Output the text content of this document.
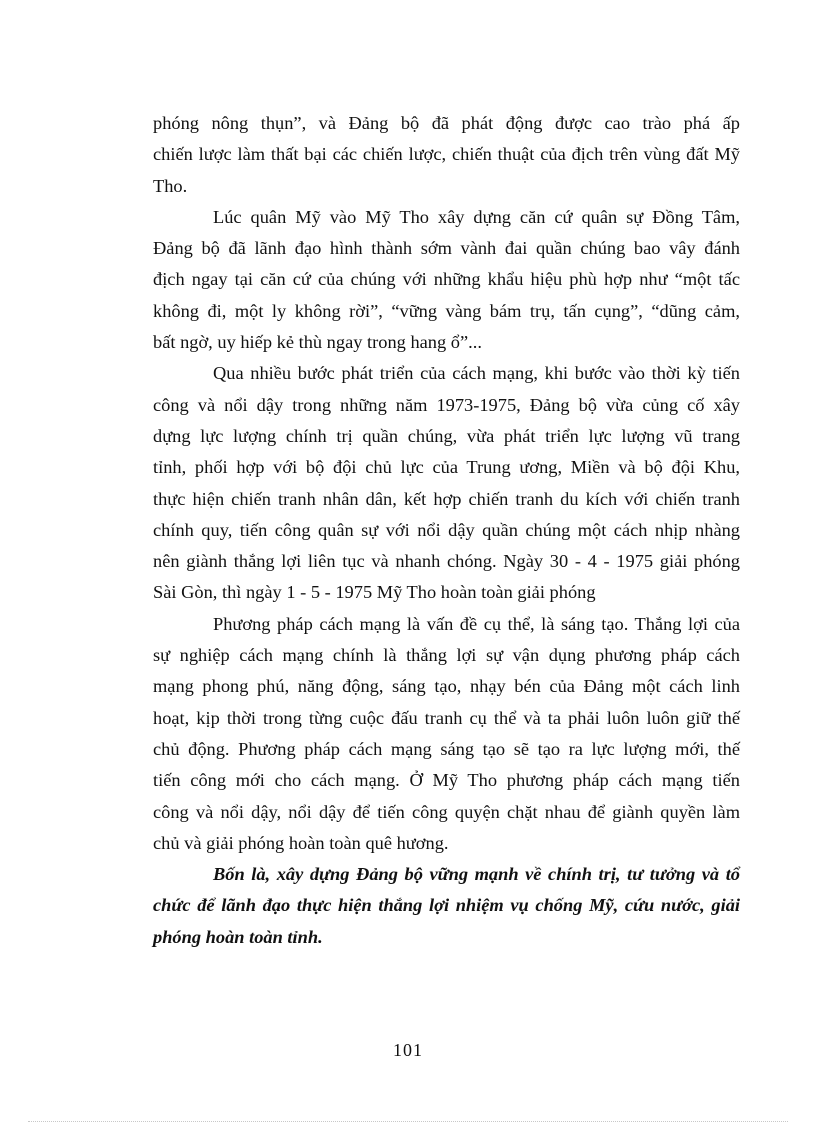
phóng nông thụn”, và Đảng bộ đã phát động được cao trào phá ấp
chiến lược làm thất bại các chiến lược, chiến thuật của địch trên vùng đất Mỹ
Tho.

Lúc quân Mỹ vào Mỹ Tho xây dựng căn cứ quân sự Đồng Tâm,
Đảng bộ đã lãnh đạo hình thành sớm vành đai quần chúng bao vây đánh
địch ngay tại căn cứ của chúng với những khẩu hiệu phù hợp như “một tấc
không đi, một ly không rời”, “vững vàng bám trụ, tấn cụng”, “dũng cảm,
bất ngờ, uy hiếp kẻ thù ngay trong hang ổ”...

Qua nhiều bước phát triển của cách mạng, khi bước vào thời kỳ tiến
công và nổi dậy trong những năm 1973-1975, Đảng bộ vừa củng cố xây
dựng lực lượng chính trị quần chúng, vừa phát triển lực lượng vũ trang
tỉnh, phối hợp với bộ đội chủ lực của Trung ương, Miền và bộ đội Khu,
thực hiện chiến tranh nhân dân, kết hợp chiến tranh du kích với chiến tranh
chính quy, tiến công quân sự với nổi dậy quần chúng một cách nhịp nhàng
nên giành thắng lợi liên tục và nhanh chóng. Ngày 30 - 4 - 1975 giải phóng
Sài Gòn, thì ngày 1 - 5 - 1975 Mỹ Tho hoàn toàn giải phóng

Phương pháp cách mạng là vấn đề cụ thể, là sáng tạo. Thắng lợi của
sự nghiệp cách mạng chính là thắng lợi sự vận dụng phương pháp cách
mạng phong phú, năng động, sáng tạo, nhạy bén của Đảng một cách linh
hoạt, kịp thời trong từng cuộc đấu tranh cụ thể và ta phải luôn luôn giữ thế
chủ động. Phương pháp cách mạng sáng tạo sẽ tạo ra lực lượng mới, thế
tiến công mới cho cách mạng. Ở Mỹ Tho phương pháp cách mạng tiến
công và nổi dậy, nổi dậy để tiến công quyện chặt nhau để giành quyền làm
chủ và giải phóng hoàn toàn quê hương.

Bốn là, xây dựng Đảng bộ vững mạnh về chính trị, tư tưởng và tổ
chức để lãnh đạo thực hiện thắng lợi nhiệm vụ chống Mỹ, cứu nước, giải
phóng hoàn toàn tỉnh.

101
